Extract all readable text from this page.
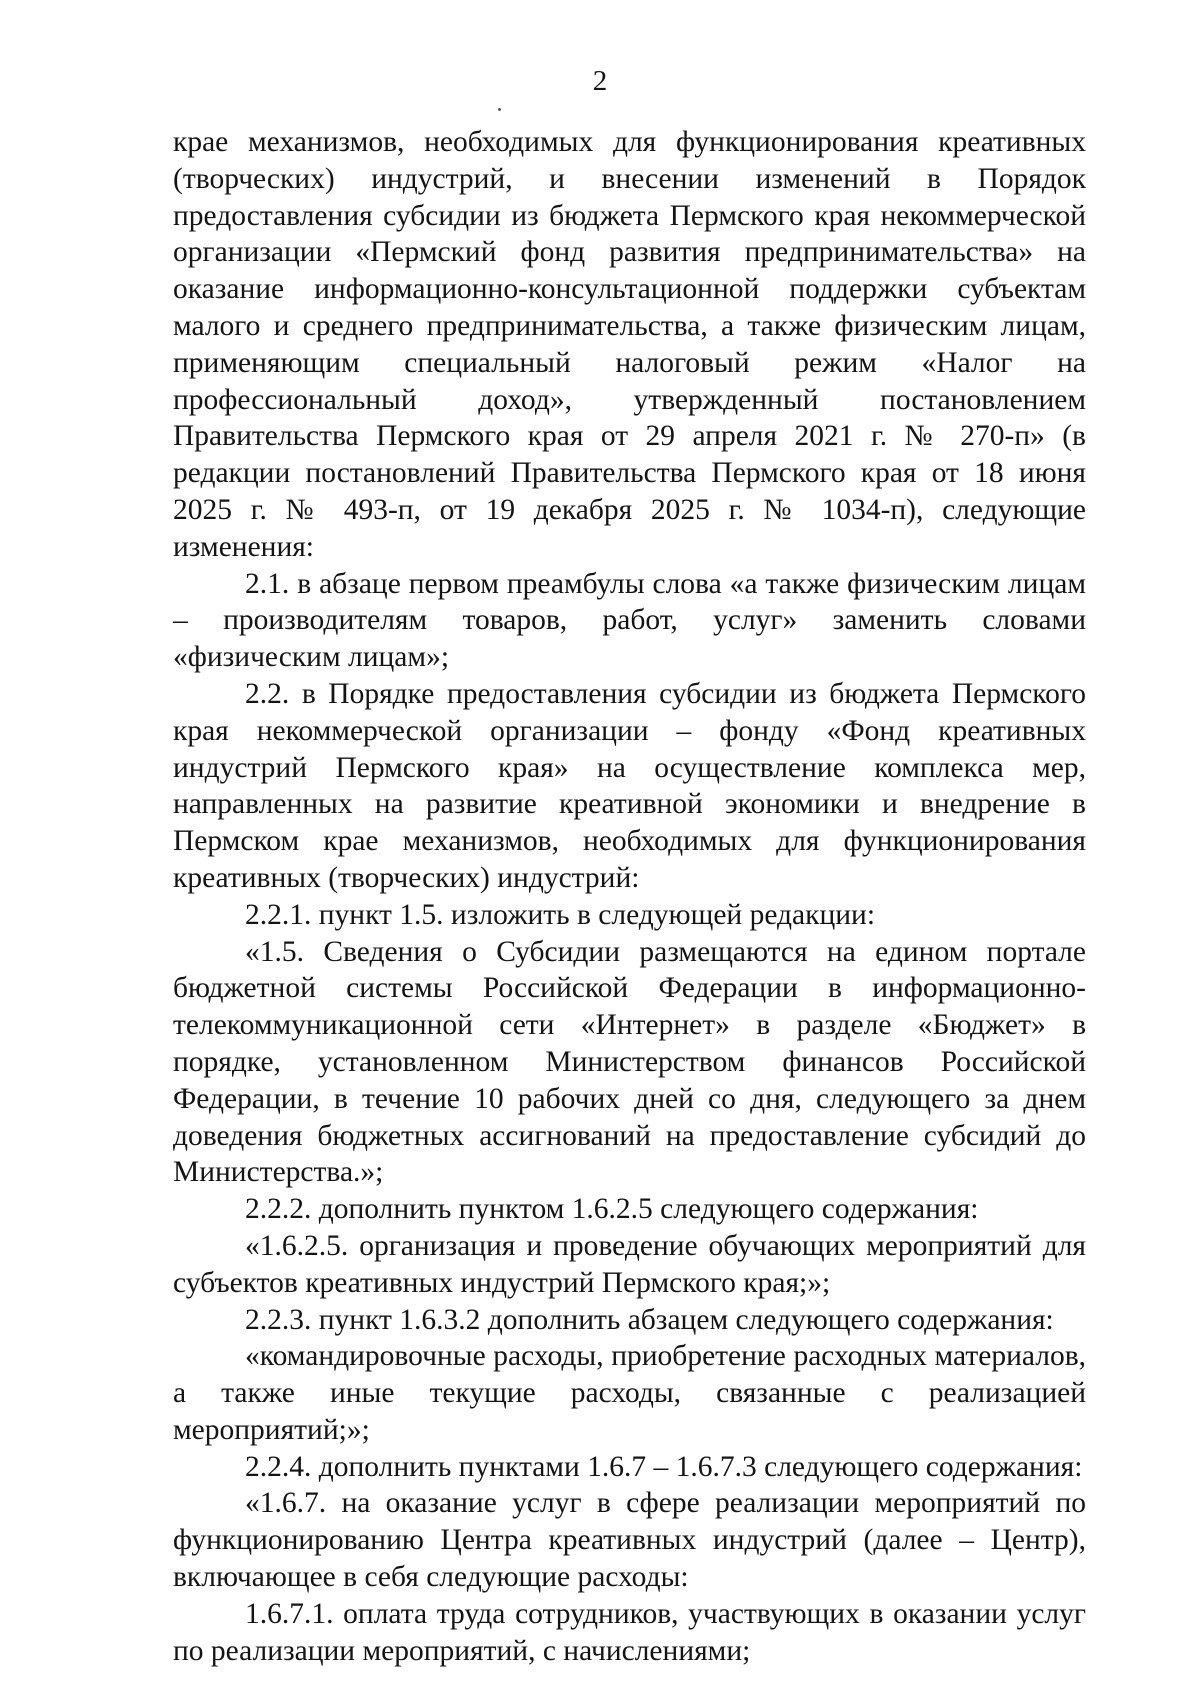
2

крае механизмов, необходимых для функционирования креативных (творческих) индустрий, и внесении изменений в Порядок предоставления субсидии из бюджета Пермского края некоммерческой организации «Пермский фонд развития предпринимательства» на оказание информационно-консультационной поддержки субъектам малого и среднего предпринимательства, а также физическим лицам, применяющим специальный налоговый режим «Налог на профессиональный доход», утвержденный постановлением Правительства Пермского края от 29 апреля 2021 г. № 270-п» (в редакции постановлений Правительства Пермского края от 18 июня 2025 г. № 493-п, от 19 декабря 2025 г. № 1034-п), следующие изменения:

2.1. в абзаце первом преамбулы слова «а также физическим лицам – производителям товаров, работ, услуг» заменить словами «физическим лицам»;

2.2. в Порядке предоставления субсидии из бюджета Пермского края некоммерческой организации – фонду «Фонд креативных индустрий Пермского края» на осуществление комплекса мер, направленных на развитие креативной экономики и внедрение в Пермском крае механизмов, необходимых для функционирования креативных (творческих) индустрий:

2.2.1. пункт 1.5. изложить в следующей редакции:

«1.5. Сведения о Субсидии размещаются на едином портале бюджетной системы Российской Федерации в информационно-телекоммуникационной сети «Интернет» в разделе «Бюджет» в порядке, установленном Министерством финансов Российской Федерации, в течение 10 рабочих дней со дня, следующего за днем доведения бюджетных ассигнований на предоставление субсидий до Министерства.»;

2.2.2. дополнить пунктом 1.6.2.5 следующего содержания:

«1.6.2.5. организация и проведение обучающих мероприятий для субъектов креативных индустрий Пермского края;»;

2.2.3. пункт 1.6.3.2 дополнить абзацем следующего содержания:

«командировочные расходы, приобретение расходных материалов, а также иные текущие расходы, связанные с реализацией мероприятий;»;

2.2.4. дополнить пунктами 1.6.7 – 1.6.7.3 следующего содержания:

«1.6.7. на оказание услуг в сфере реализации мероприятий по функционированию Центра креативных индустрий (далее – Центр), включающее в себя следующие расходы:

1.6.7.1. оплата труда сотрудников, участвующих в оказании услуг по реализации мероприятий, с начислениями;
